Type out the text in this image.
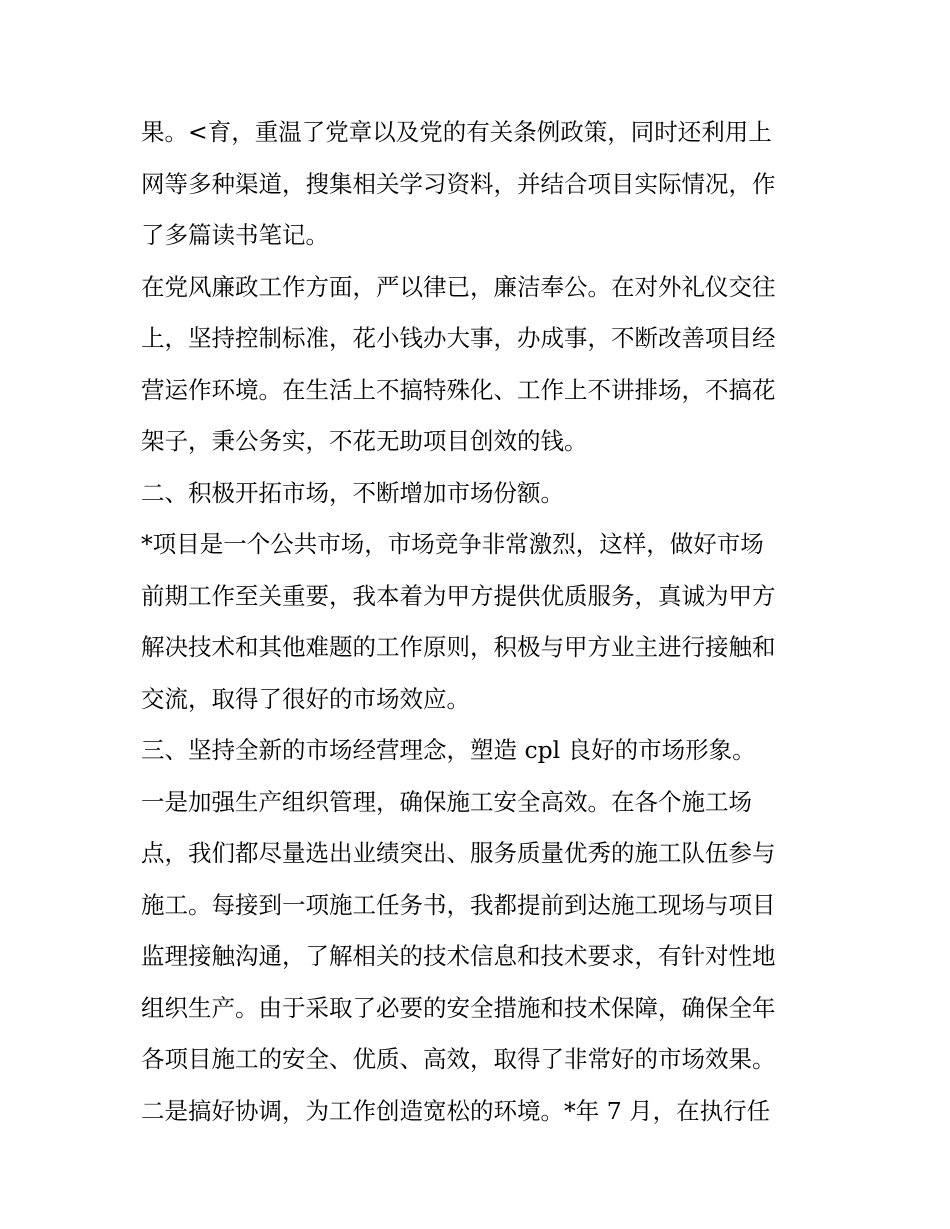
果。<育，重温了党章以及党的有关条例政策，同时还利用上
网等多种渠道，搜集相关学习资料，并结合项目实际情况，作
了多篇读书笔记。
在党风廉政工作方面，严以律已，廉洁奉公。在对外礼仪交往
上，坚持控制标准，花小钱办大事，办成事，不断改善项目经
营运作环境。在生活上不搞特殊化、工作上不讲排场，不搞花
架子，秉公务实，不花无助项目创效的钱。
二、积极开拓市场，不断增加市场份额。
*项目是一个公共市场，市场竞争非常激烈，这样，做好市场
前期工作至关重要，我本着为甲方提供优质服务，真诚为甲方
解决技术和其他难题的工作原则，积极与甲方业主进行接触和
交流，取得了很好的市场效应。
三、坚持全新的市场经营理念，塑造 cpl 良好的市场形象。
一是加强生产组织管理，确保施工安全高效。在各个施工场
点，我们都尽量选出业绩突出、服务质量优秀的施工队伍参与
施工。每接到一项施工任务书，我都提前到达施工现场与项目
监理接触沟通，了解相关的技术信息和技术要求，有针对性地
组织生产。由于采取了必要的安全措施和技术保障，确保全年
各项目施工的安全、优质、高效，取得了非常好的市场效果。
二是搞好协调，为工作创造宽松的环境。*年 7 月，在执行任
